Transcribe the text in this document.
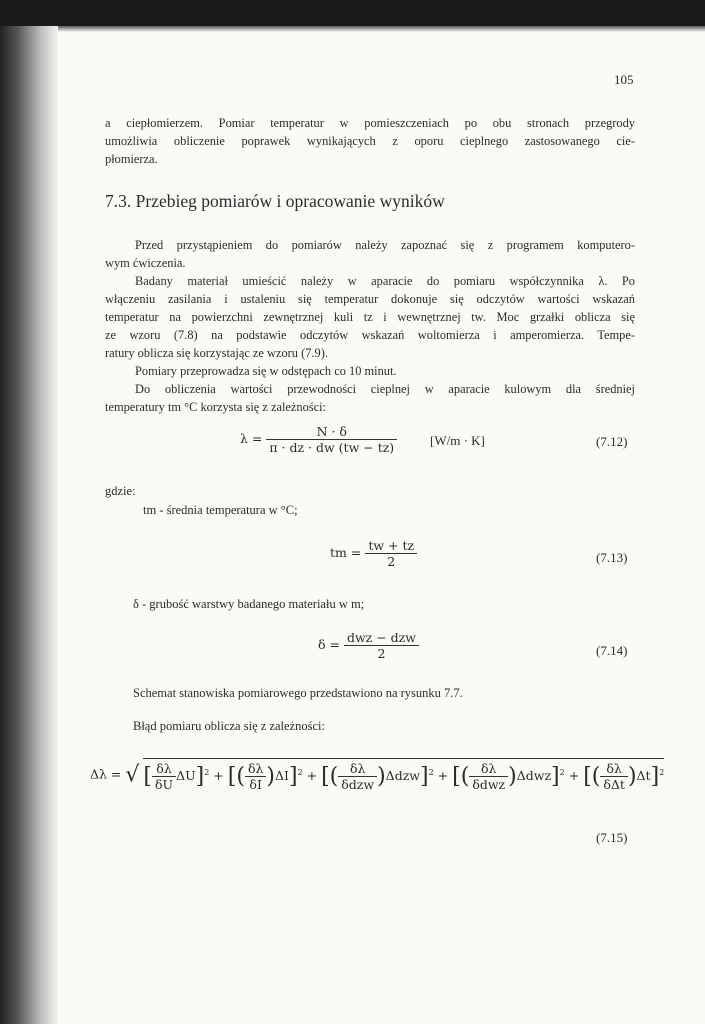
105
a ciepłomierzem. Pomiar temperatur w pomieszczeniach po obu stronach przegrody
umożliwia obliczenie poprawek wynikających z oporu cieplnego zastosowanego cie-
płomierza.
7.3. Przebieg pomiarów i opracowanie wyników
Przed przystąpieniem do pomiarów należy zapoznać się z programem komputero-
wym ćwiczenia.
Badany materiał umieścić należy w aparacie do pomiaru współczynnika λ. Po
włączeniu zasilania i ustaleniu się temperatur dokonuje się odczytów wartości wskazań
temperatur na powierzchni zewnętrznej kuli tz i wewnętrznej tw. Moc grzałki oblicza się
ze wzoru (7.8) na podstawie odczytów wskazań woltomierza i amperomierza. Tempe-
ratury oblicza się korzystając ze wzoru (7.9).
Pomiary przeprowadza się w odstępach co 10 minut.
Do obliczenia wartości przewodności cieplnej w aparacie kulowym dla średniej
temperatury tm °C korzysta się z zależności:
$\lambda = \frac{N \cdot \delta}{\pi \cdot dz \cdot dw (tw - tz)}$	[W/m · K]	(7.12)
gdzie:
tm - średnia temperatura w °C;
tm = $\frac{tw + tz}{2}$	(7.13)
δ - grubość warstwy badanego materiału w m;
$\delta = \frac{\text{dwz − dzw}}{2}$	(7.14)
Schemat stanowiska pomiarowego przedstawiono na rysunku 7.7.
Błąd pomiaru oblicza się z zależności:
Δλ = √ [ $\frac{\delta\lambda}{\delta U} \Delta U]^2$ + [( $\frac{\delta\lambda}{\delta I} )\Delta I]^2$ + [( $\frac{\delta\lambda}{\text{δdzw}} )\Delta dzw]^2$ + [( $\frac{\delta\lambda}{\text{δdwz}} )\Delta dwz]^2$ + [( $\frac{\delta\lambda}{\text{δΔt}} )\Delta t]^2$
(7.15)
